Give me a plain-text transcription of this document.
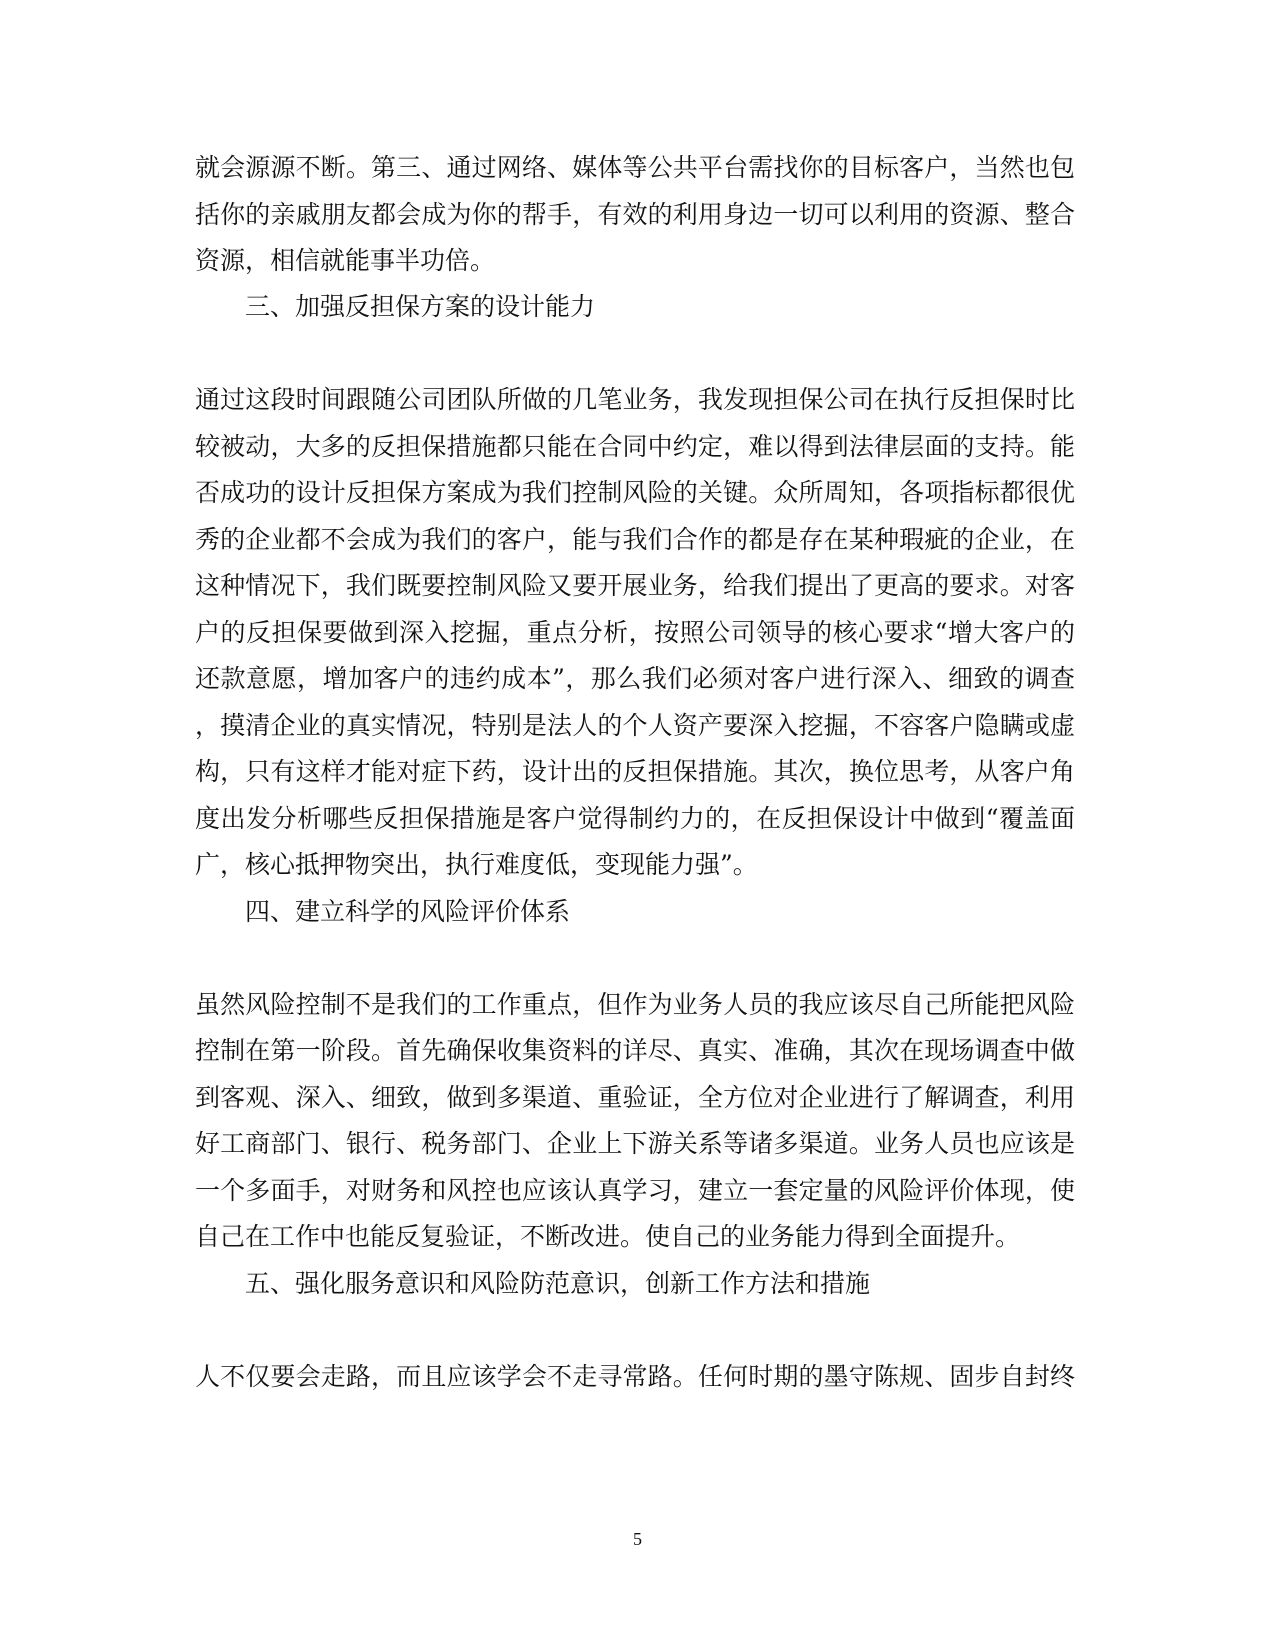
就会源源不断。第三、通过网络、媒体等公共平台需找你的目标客户，当然也包
括你的亲戚朋友都会成为你的帮手，有效的利用身边一切可以利用的资源、整合
资源，相信就能事半功倍。
三、加强反担保方案的设计能力
通过这段时间跟随公司团队所做的几笔业务，我发现担保公司在执行反担保时比
较被动，大多的反担保措施都只能在合同中约定，难以得到法律层面的支持。能
否成功的设计反担保方案成为我们控制风险的关键。众所周知，各项指标都很优
秀的企业都不会成为我们的客户，能与我们合作的都是存在某种瑕疵的企业，在
这种情况下，我们既要控制风险又要开展业务，给我们提出了更高的要求。对客
户的反担保要做到深入挖掘，重点分析，按照公司领导的核心要求“增大客户的
还款意愿，增加客户的违约成本”，那么我们必须对客户进行深入、细致的调查
，摸清企业的真实情况，特别是法人的个人资产要深入挖掘，不容客户隐瞒或虚
构，只有这样才能对症下药，设计出的反担保措施。其次，换位思考，从客户角
度出发分析哪些反担保措施是客户觉得制约力的，在反担保设计中做到“覆盖面
广，核心抵押物突出，执行难度低，变现能力强”。
四、建立科学的风险评价体系
虽然风险控制不是我们的工作重点，但作为业务人员的我应该尽自己所能把风险
控制在第一阶段。首先确保收集资料的详尽、真实、准确，其次在现场调查中做
到客观、深入、细致，做到多渠道、重验证，全方位对企业进行了解调查，利用
好工商部门、银行、税务部门、企业上下游关系等诸多渠道。业务人员也应该是
一个多面手，对财务和风控也应该认真学习，建立一套定量的风险评价体现，使
自己在工作中也能反复验证，不断改进。使自己的业务能力得到全面提升。
五、强化服务意识和风险防范意识，创新工作方法和措施
人不仅要会走路，而且应该学会不走寻常路。任何时期的墨守陈规、固步自封终
5
